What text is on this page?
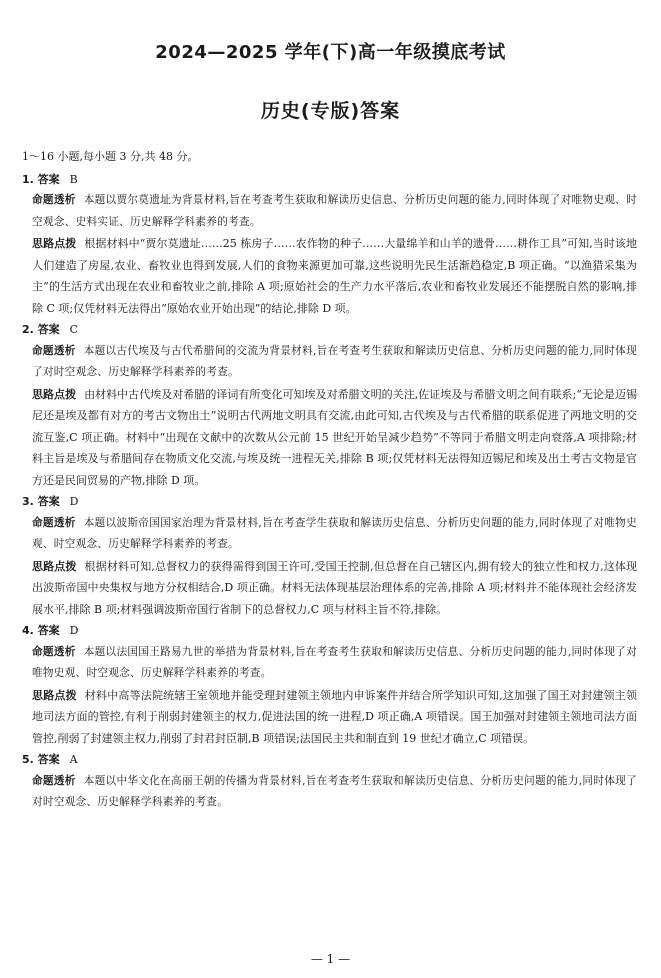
2024—2025 学年(下)高一年级摸底考试
历史(专版)答案

1～16 小题,每小题 3 分,共 48 分。

1. 答案 B

命题透析 本题以贾尔莫遗址为背景材料,旨在考查考生获取和解读历史信息、分析历史问题的能力,同时体现了对唯物史观、时空观念、史料实证、历史解释学科素养的考查。

思路点拨 根据材料中“贾尔莫遗址……25 栋房子……农作物的种子……大量绵羊和山羊的遗骨……耕作工具”可知,当时该地人们建造了房屋,农业、畜牧业也得到发展,人们的食物来源更加可靠,这些说明先民生活渐趋稳定,B 项正确。“以渔猎采集为主”的生活方式出现在农业和畜牧业之前,排除 A 项;原始社会的生产力水平落后,农业和畜牧业发展还不能摆脱自然的影响,排除 C 项;仅凭材料无法得出“原始农业开始出现”的结论,排除 D 项。

2. 答案 C

命题透析 本题以古代埃及与古代希腊间的交流为背景材料,旨在考查考生获取和解读历史信息、分析历史问题的能力,同时体现了对时空观念、历史解释学科素养的考查。

思路点拨 由材料中古代埃及对希腊的译词有所变化可知埃及对希腊文明的关注,佐证埃及与希腊文明之间有联系;“无论是迈锡尼还是埃及都有对方的考古文物出土”说明古代两地文明具有交流,由此可知,古代埃及与古代希腊的联系促进了两地文明的交流互鉴,C 项正确。材料中“出现在文献中的次数从公元前 15 世纪开始呈减少趋势”不等同于希腊文明走向衰落,A 项排除;材料主旨是埃及与希腊间存在物质文化交流,与埃及统一进程无关,排除 B 项;仅凭材料无法得知迈锡尼和埃及出土考古文物是官方还是民间贸易的产物,排除 D 项。

3. 答案 D

命题透析 本题以波斯帝国国家治理为背景材料,旨在考查学生获取和解读历史信息、分析历史问题的能力,同时体现了对唯物史观、时空观念、历史解释学科素养的考查。

思路点拨 根据材料可知,总督权力的获得需得到国王许可,受国王控制,但总督在自己辖区内,拥有较大的独立性和权力,这体现出波斯帝国中央集权与地方分权相结合,D 项正确。材料无法体现基层治理体系的完善,排除 A 项;材料并不能体现社会经济发展水平,排除 B 项;材料强调波斯帝国行省制下的总督权力,C 项与材料主旨不符,排除。

4. 答案 D

命题透析 本题以法国国王路易九世的举措为背景材料,旨在考查考生获取和解读历史信息、分析历史问题的能力,同时体现了对唯物史观、时空观念、历史解释学科素养的考查。

思路点拨 材料中高等法院统辖王室领地并能受理封建领主领地内申诉案件并结合所学知识可知,这加强了国王对封建领主领地司法方面的管控,有利于削弱封建领主的权力,促进法国的统一进程,D 项正确,A 项错误。国王加强对封建领主领地司法方面管控,削弱了封建领主权力,削弱了封君封臣制,B 项错误;法国民主共和制直到 19 世纪才确立,C 项错误。

5. 答案 A

命题透析 本题以中华文化在高丽王朝的传播为背景材料,旨在考查考生获取和解读历史信息、分析历史问题的能力,同时体现了对时空观念、历史解释学科素养的考查。

— 1 —
